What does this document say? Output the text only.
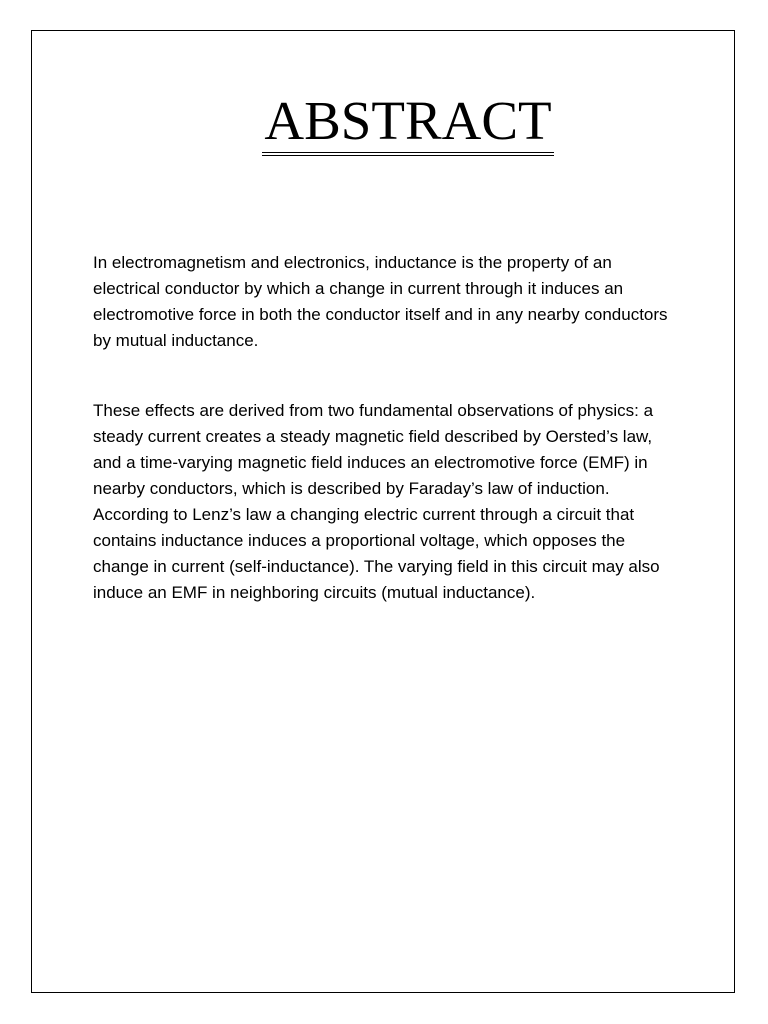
ABSTRACT

In electromagnetism and electronics, inductance is the property of an electrical conductor by which a change in current through it induces an electromotive force in both the conductor itself and in any nearby conductors by mutual inductance.

These effects are derived from two fundamental observations of physics: a steady current creates a steady magnetic field described by Oersted’s law, and a time-varying magnetic field induces an electromotive force (EMF) in nearby conductors, which is described by Faraday’s law of induction. According to Lenz’s law a changing electric current through a circuit that contains inductance induces a proportional voltage, which opposes the change in current (self-inductance). The varying field in this circuit may also induce an EMF in neighboring circuits (mutual inductance).
